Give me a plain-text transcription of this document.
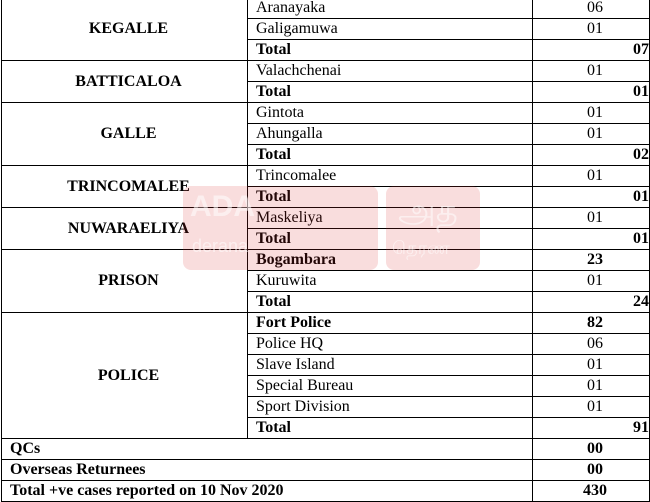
KEGALLE	Aranayaka	06
	Galigamuwa	01
	Total	07
BATTICALOA	Valachchenai	01
	Total	01
GALLE	Gintota	01
	Ahungalla	01
	Total	02
TRINCOMALEE	Trincomalee	01
	Total	01
NUWARAELIYA	Maskeliya	01
	Total	01
PRISON	Bogambara	23
	Kuruwita	01
	Total	24
POLICE	Fort Police	82
	Police HQ	06
	Slave Island	01
	Special Bureau	01
	Sport Division	01
	Total	91
QCs		00
Overseas Returnees		00
Total +ve cases reported on 10 Nov 2020		430
ADA
derana
அத
தெரண
